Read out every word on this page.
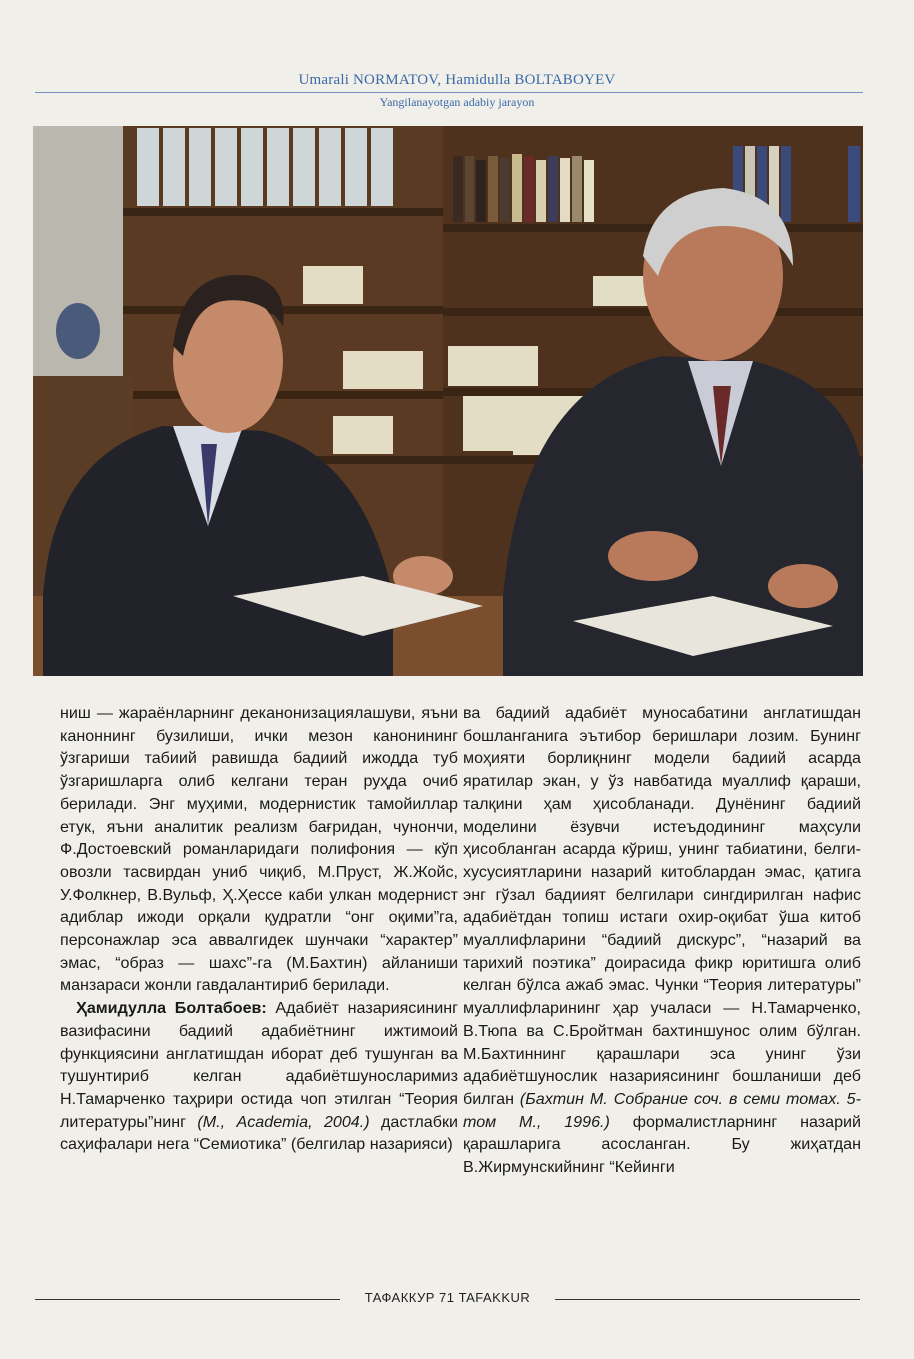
Umarali NORMATOV, Hamidulla BOLTABOYEV
Yangilanayotgan adabiy jarayon

ниш — жараёнларнинг деканонизациялашуви, яъни каноннинг бузилиши, ички мезон канонининг ўзгариши табиий равишда бадиий ижодда туб ўзгаришларга олиб келгани теран руҳда очиб берилади. Энг муҳими, модернистик тамойиллар етук, яъни аналитик реализм бағридан, чунончи, Ф.Достоевский романларидаги полифония — кўп овозли тасвирдан униб чиқиб, М.Пруст, Ж.Жойс, У.Фолкнер, В.Вульф, Ҳ.Ҳессе каби улкан модернист адиблар ижоди орқали қудратли “онг оқими”га, персонажлар эса аввалгидек шунчаки “характер” эмас, “образ — шахс”-га (М.Бахтин) айланиши манзараси жонли гавдалантириб берилади.

 Ҳамидулла Болтабоев: Адабиёт назариясининг вазифасини бадиий адабиётнинг ижтимоий функциясини англатишдан иборат деб тушунган ва тушунтириб келган адабиётшуносларимиз Н.Тамарченко таҳрири остида чоп этилган “Теория литературы”нинг (М., Academia, 2004.) дастлабки саҳифалари нега “Семиотика” (белгилар назарияси)

ва бадиий адабиёт муносабатини англатишдан бошланганига эътибор беришлари лозим. Бунинг моҳияти борлиқнинг модели бадиий асарда яратилар экан, у ўз навбатида муаллиф қараши, талқини ҳам ҳисобланади. Дунёнинг бадиий моделини ёзувчи истеъдодининг маҳсули ҳисобланган асарда кўриш, унинг табиатини, белги-хусусиятларини назарий китоблардан эмас, қатига энг гўзал бадиият белгилари сингдирилган нафис адабиётдан топиш истаги охир-оқибат ўша китоб муаллифларини “бадиий дискурс”, “назарий ва тарихий поэтика” доирасида фикр юритишга олиб келган бўлса ажаб эмас. Чунки “Теория литературы” муаллифларининг ҳар учаласи — Н.Тамарченко, В.Тюпа ва С.Бройтман бахтиншунос олим бўлган. М.Бахтиннинг қарашлари эса унинг ўзи адабиётшунослик назариясининг бошланиши деб билган (Бахтин М. Собрание соч. в семи томах. 5-том М., 1996.) формалистларнинг назарий қарашларига асосланган. Бу жиҳатдан В.Жирмунскийнинг “Кейинги

ТАФАККУР 71 TAFAKKUR
